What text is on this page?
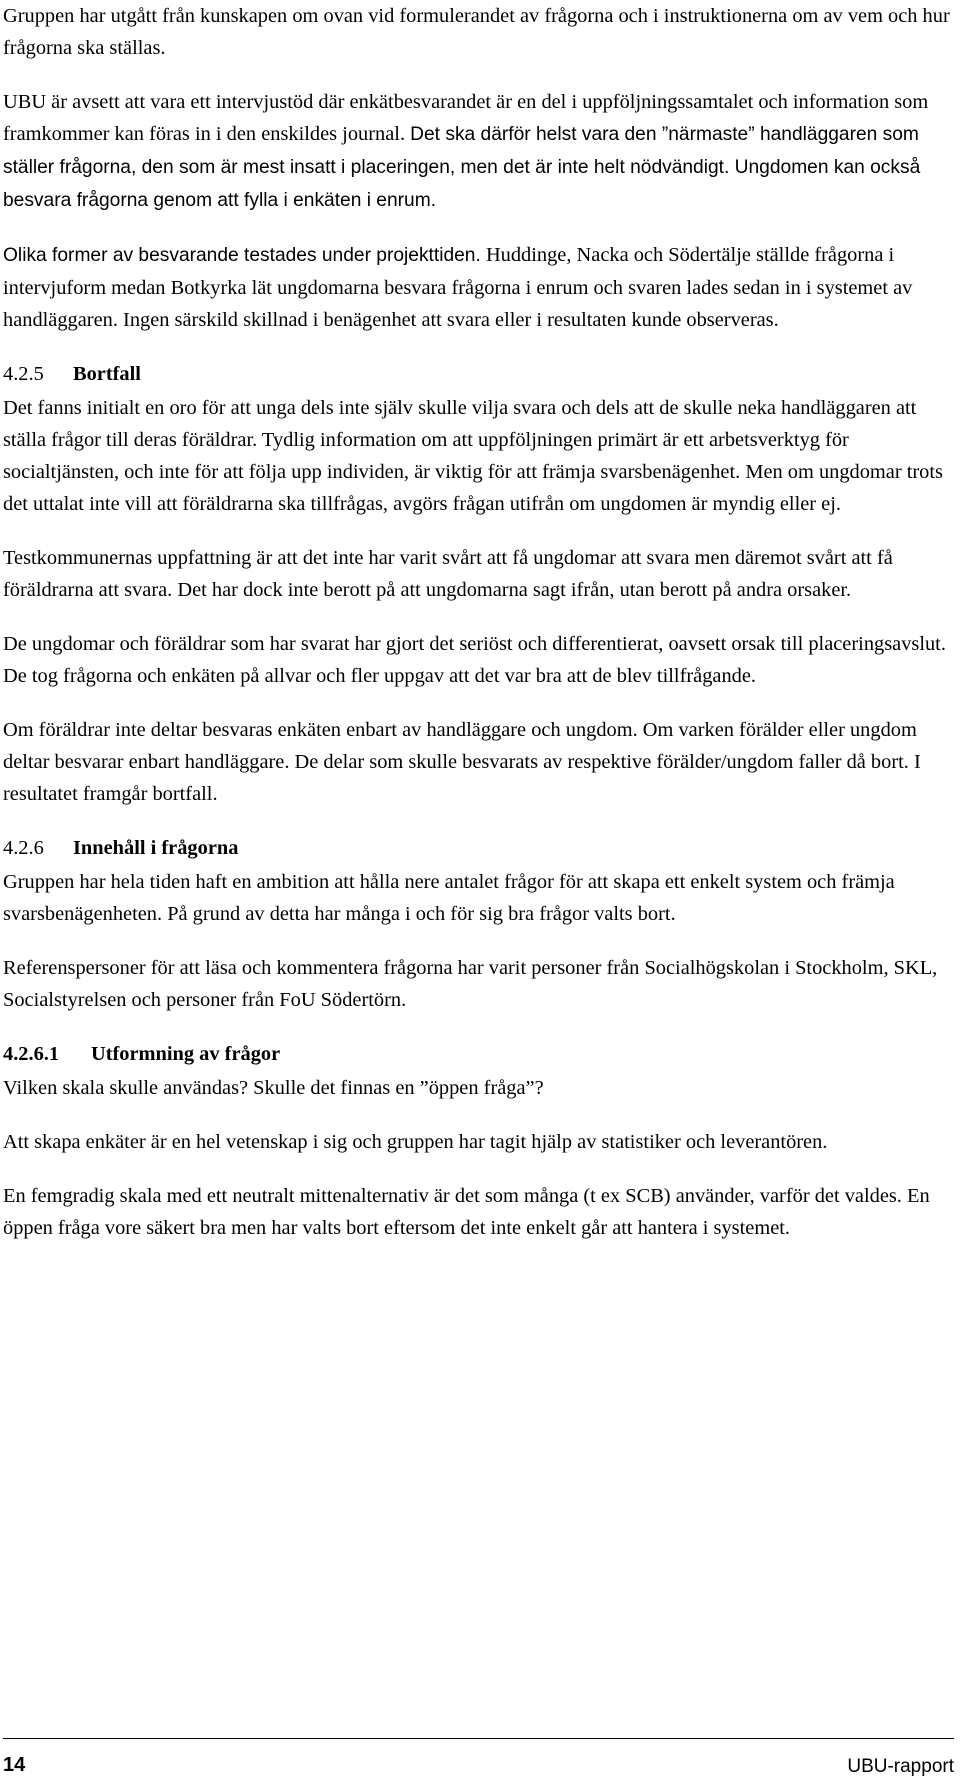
Gruppen har utgått från kunskapen om ovan vid formulerandet av frågorna och i instruktionerna om av vem och hur frågorna ska ställas.

UBU är avsett att vara ett intervjustöd där enkätbesvarandet är en del i uppföljningssamtalet och information som framkommer kan föras in i den enskildes journal. Det ska därför helst vara den ”närmaste” handläggaren som ställer frågorna, den som är mest insatt i placeringen, men det är inte helt nödvändigt. Ungdomen kan också besvara frågorna genom att fylla i enkäten i enrum.

Olika former av besvarande testades under projekttiden. Huddinge, Nacka och Södertälje ställde frågorna i intervjuform medan Botkyrka lät ungdomarna besvara frågorna i enrum och svaren lades sedan in i systemet av handläggaren. Ingen särskild skillnad i benägenhet att svara eller i resultaten kunde observeras.

4.2.5 Bortfall

Det fanns initialt en oro för att unga dels inte själv skulle vilja svara och dels att de skulle neka handläggaren att ställa frågor till deras föräldrar. Tydlig information om att uppföljningen primärt är ett arbetsverktyg för socialtjänsten, och inte för att följa upp individen, är viktig för att främja svarsbenägenhet. Men om ungdomar trots det uttalat inte vill att föräldrarna ska tillfrågas, avgörs frågan utifrån om ungdomen är myndig eller ej.

Testkommunernas uppfattning är att det inte har varit svårt att få ungdomar att svara men däremot svårt att få föräldrarna att svara. Det har dock inte berott på att ungdomarna sagt ifrån, utan berott på andra orsaker.

De ungdomar och föräldrar som har svarat har gjort det seriöst och differentierat, oavsett orsak till placeringsavslut. De tog frågorna och enkäten på allvar och fler uppgav att det var bra att de blev tillfrågande.

Om föräldrar inte deltar besvaras enkäten enbart av handläggare och ungdom. Om varken förälder eller ungdom deltar besvarar enbart handläggare. De delar som skulle besvarats av respektive förälder/ungdom faller då bort. I resultatet framgår bortfall.

4.2.6 Innehåll i frågorna

Gruppen har hela tiden haft en ambition att hålla nere antalet frågor för att skapa ett enkelt system och främja svarsbenägenheten. På grund av detta har många i och för sig bra frågor valts bort.

Referenspersoner för att läsa och kommentera frågorna har varit personer från Socialhögskolan i Stockholm, SKL, Socialstyrelsen och personer från FoU Södertörn.

4.2.6.1 Utformning av frågor

Vilken skala skulle användas? Skulle det finnas en ”öppen fråga”?

Att skapa enkäter är en hel vetenskap i sig och gruppen har tagit hjälp av statistiker och leverantören.

En femgradig skala med ett neutralt mittenalternativ är det som många (t ex SCB) använder, varför det valdes. En öppen fråga vore säkert bra men har valts bort eftersom det inte enkelt går att hantera i systemet.

14	UBU-rapport
